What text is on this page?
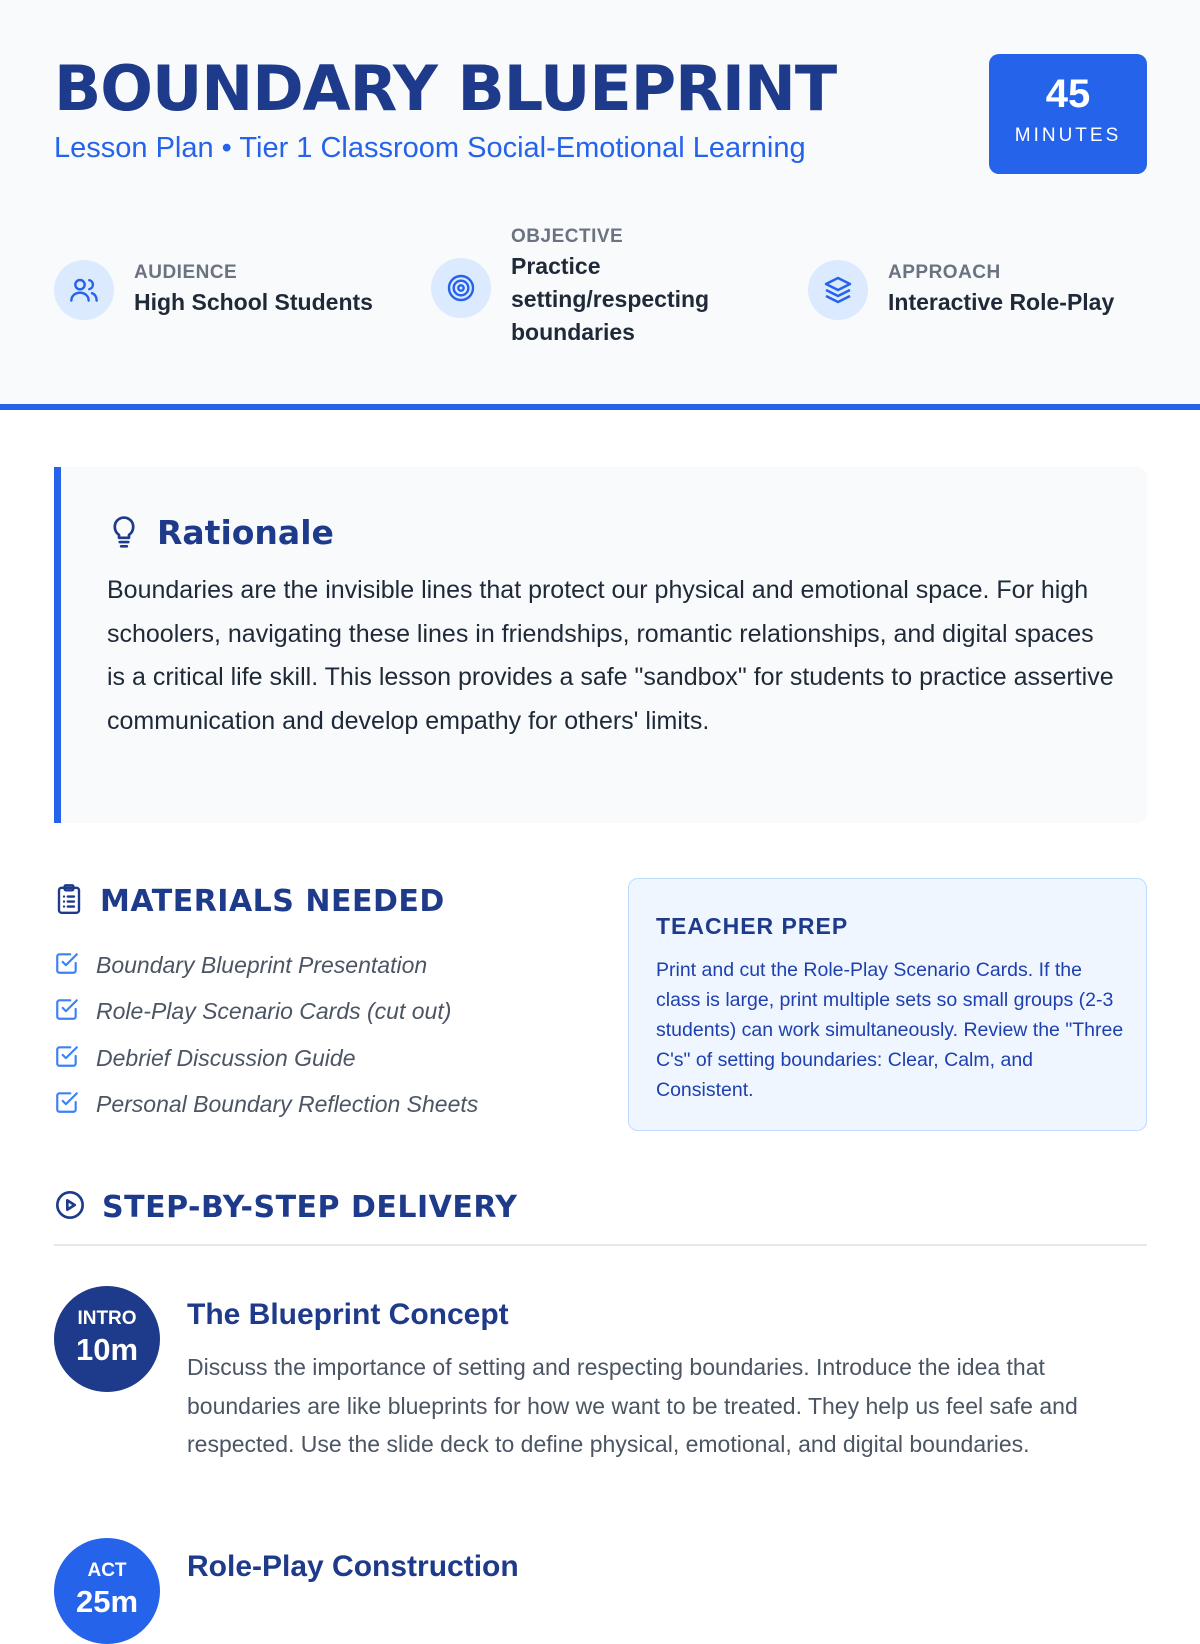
BOUNDARY BLUEPRINT
Lesson Plan • Tier 1 Classroom Social-Emotional Learning
45
MINUTES
AUDIENCE
High School Students
OBJECTIVE
Practice setting/respecting boundaries
APPROACH
Interactive Role-Play
Rationale

Boundaries are the invisible lines that protect our physical and emotional space. For high schoolers, navigating these lines in friendships, romantic relationships, and digital spaces is a critical life skill. This lesson provides a safe "sandbox" for students to practice assertive communication and develop empathy for others' limits.

MATERIALS NEEDED
Boundary Blueprint Presentation
Role-Play Scenario Cards (cut out)
Debrief Discussion Guide
Personal Boundary Reflection Sheets
TEACHER PREP

Print and cut the Role-Play Scenario Cards. If the class is large, print multiple sets so small groups (2-3 students) can work simultaneously. Review the "Three C's" of setting boundaries: Clear, Calm, and Consistent.

STEP-BY-STEP DELIVERY
INTRO
10m
The Blueprint Concept

Discuss the importance of setting and respecting boundaries. Introduce the idea that boundaries are like blueprints for how we want to be treated. They help us feel safe and respected. Use the slide deck to define physical, emotional, and digital boundaries.

ACT
25m
Role-Play Construction
